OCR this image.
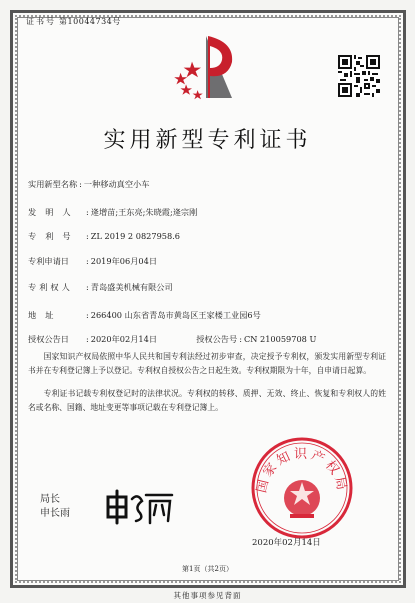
证书号 第10044734号
实用新型专利证书
实用新型名称 : 一种移动真空小车
发明人 : 逄增苗;王东亮;朱晓霞;逄宗刚
专利号 : ZL 2019 2 0827958.6
专利申请日 : 2019年06月04日
专利权人 : 青岛盛美机械有限公司
地址	: 266400 山东省青岛市黄岛区王家楼工业园6号
授权公告日 : 2020年02月14日	授权公告号 : CN 210059708 U

国家知识产权局依照中华人民共和国专利法经过初步审查，决定授予专利权，颁发实用新型专利证书并在专利登记簿上予以登记。专利权自授权公告之日起生效。专利权期限为十年，自申请日起算。

专利证书记载专利权登记时的法律状况。专利权的转移、质押、无效、终止、恢复和专利权人的姓名或名称、国籍、地址变更等事项记载在专利登记簿上。

局长
申长雨
国家知识产权局
2020年02月14日
第1页（共2页）
其他事项参见背面
